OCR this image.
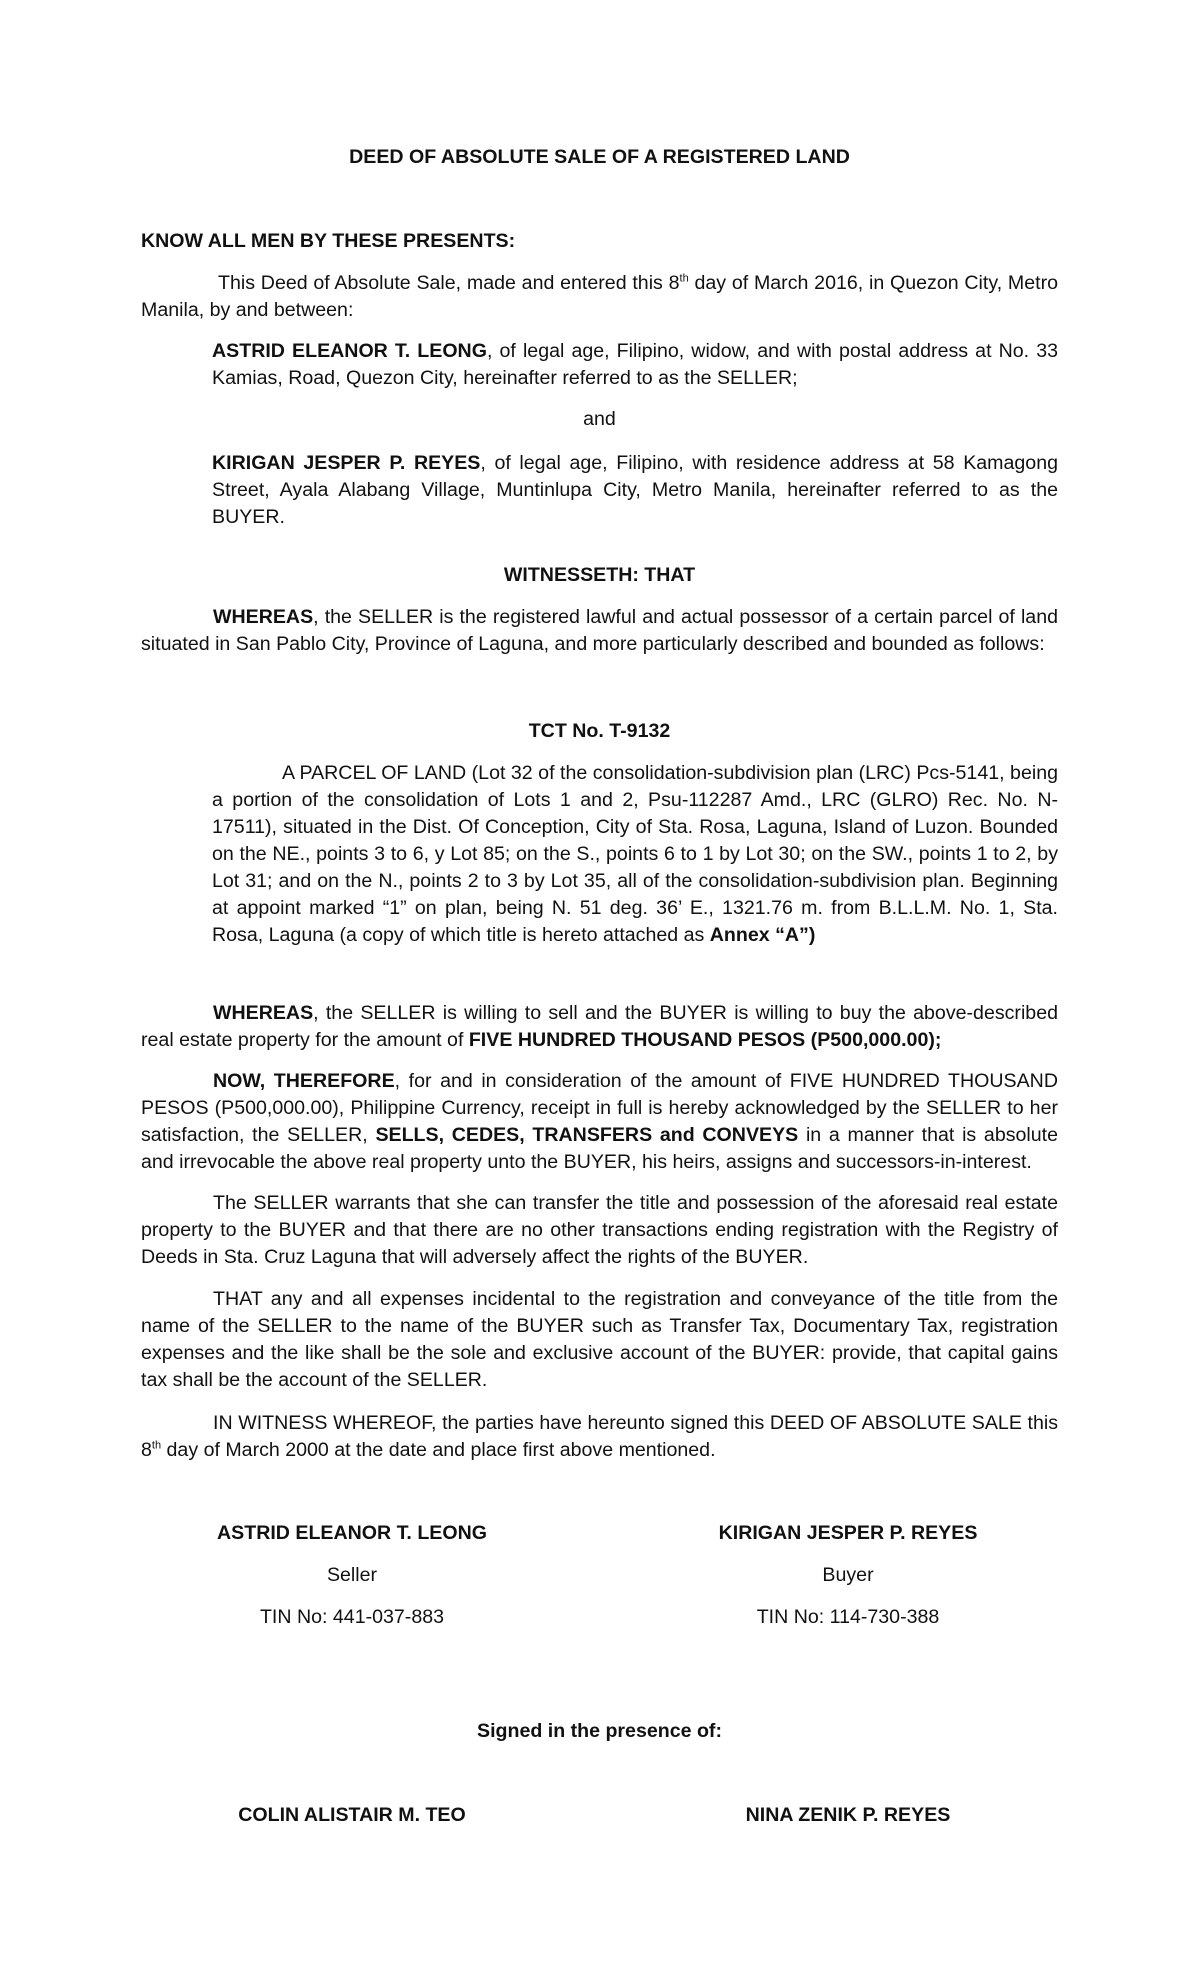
DEED OF ABSOLUTE SALE OF A REGISTERED LAND
KNOW ALL MEN BY THESE PRESENTS:
This Deed of Absolute Sale, made and entered this 8th day of March 2016, in Quezon City, Metro Manila, by and between:
ASTRID ELEANOR T. LEONG, of legal age, Filipino, widow, and with postal address at No. 33 Kamias, Road, Quezon City, hereinafter referred to as the SELLER;
and
KIRIGAN JESPER P. REYES, of legal age, Filipino, with residence address at 58 Kamagong Street, Ayala Alabang Village, Muntinlupa City, Metro Manila, hereinafter referred to as the BUYER.
WITNESSETH: THAT
WHEREAS, the SELLER is the registered lawful and actual possessor of a certain parcel of land situated in San Pablo City, Province of Laguna, and more particularly described and bounded as follows:
TCT No. T-9132
A PARCEL OF LAND (Lot 32 of the consolidation-subdivision plan (LRC) Pcs-5141, being a portion of the consolidation of Lots 1 and 2, Psu-112287 Amd., LRC (GLRO) Rec. No. N-17511), situated in the Dist. Of Conception, City of Sta. Rosa, Laguna, Island of Luzon. Bounded on the NE., points 3 to 6, y Lot 85; on the S., points 6 to 1 by Lot 30; on the SW., points 1 to 2, by Lot 31; and on the N., points 2 to 3 by Lot 35, all of the consolidation-subdivision plan. Beginning at appoint marked “1” on plan, being N. 51 deg. 36’ E., 1321.76 m. from B.L.L.M. No. 1, Sta. Rosa, Laguna (a copy of which title is hereto attached as Annex “A”)
WHEREAS, the SELLER is willing to sell and the BUYER is willing to buy the above-described real estate property for the amount of FIVE HUNDRED THOUSAND PESOS (P500,000.00);
NOW, THEREFORE, for and in consideration of the amount of FIVE HUNDRED THOUSAND PESOS (P500,000.00), Philippine Currency, receipt in full is hereby acknowledged by the SELLER to her satisfaction, the SELLER, SELLS, CEDES, TRANSFERS and CONVEYS in a manner that is absolute and irrevocable the above real property unto the BUYER, his heirs, assigns and successors-in-interest.
The SELLER warrants that she can transfer the title and possession of the aforesaid real estate property to the BUYER and that there are no other transactions ending registration with the Registry of Deeds in Sta. Cruz Laguna that will adversely affect the rights of the BUYER.
THAT any and all expenses incidental to the registration and conveyance of the title from the name of the SELLER to the name of the BUYER such as Transfer Tax, Documentary Tax, registration expenses and the like shall be the sole and exclusive account of the BUYER: provide, that capital gains tax shall be the account of the SELLER.
IN WITNESS WHEREOF, the parties have hereunto signed this DEED OF ABSOLUTE SALE this 8th day of March 2000 at the date and place first above mentioned.
ASTRID ELEANOR T. LEONG	KIRIGAN JESPER P. REYES
Seller	Buyer
TIN No: 441-037-883	TIN No: 114-730-388
Signed in the presence of:
COLIN ALISTAIR M. TEO	NINA ZENIK P. REYES
